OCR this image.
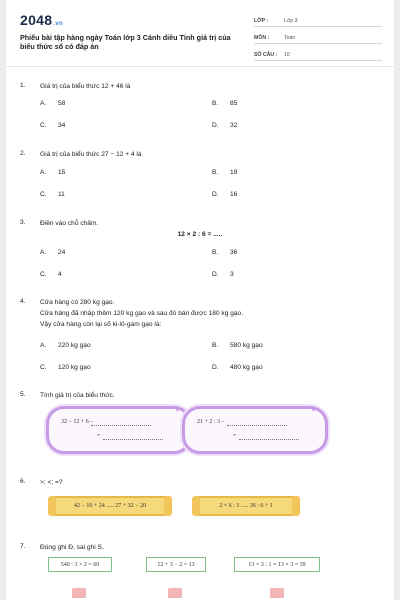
2048.vn
Phiếu bài tập hàng ngày Toán lớp 3 Cánh diều Tính giá trị của biểu thức số có đáp án
LỚP :	Lớp 3
MÔN :	Toán
SỐ CÂU :	10
1.	Giá trị của biểu thức 12 + 46 là
A. 58	B. 85
C. 34	D. 32
2.	Giá trị của biểu thức 27 − 12 + 4 là
A. 15	B. 19
C. 11	D. 16
3.	Điền vào chỗ chấm.
12 × 2 : 6 = .....
A. 24	B. 36
C. 4	D. 3
4.	Cửa hàng có 280 kg gạo.
Cửa hàng đã nhập thêm 120 kg gạo và sau đó bán được 180 kg gạo.
Vậy cửa hàng còn lại số ki-lô-gam gạo là:
A. 220 kg gạo	B. 580 kg gạo
C. 120 kg gạo	D. 480 kg gạo
5.	Tính giá trị của biểu thức.
◆
32 − 12 + 6 –
=
◆
21 + 2 : 3 –
=
6.	>; <; =?
42 − 10 + 24 ..... 27 + 32 − 20	2 × 6 : 3 ..... 36 : 6 + 1
7.	Đúng ghi Đ, sai ghi S.
540 : 3 × 2 = 60	12 + 3 − 2 = 13	13 × 3 : 1 = 13 × 3 = 39
